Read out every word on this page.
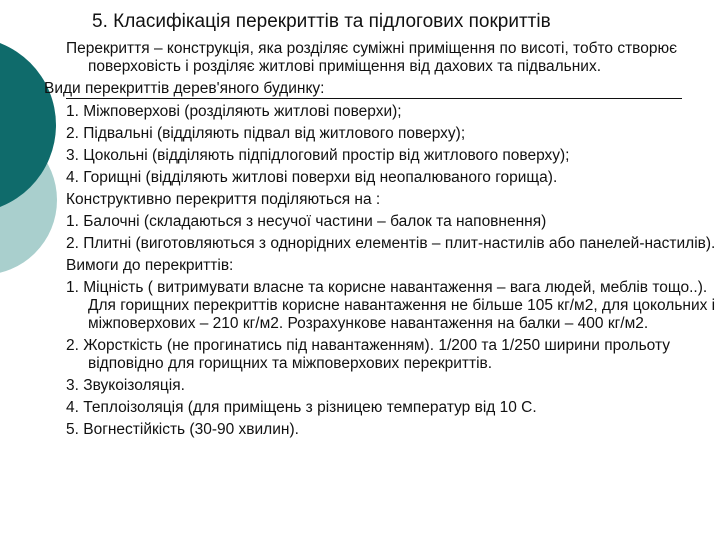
5. Класифікація перекриттів та підлогових покриттів

Перекриття – конструкція, яка розділяє суміжні приміщення по висоті, тобто створює поверховість і розділяє житлові приміщення від дахових та підвальних.

Види перекриттів дерев'яного будинку:

1. Міжповерхові (розділяють житлові поверхи);

2. Підвальні (відділяють підвал від житлового поверху);

3. Цокольні (відділяють підпідлоговий простір від житлового поверху);

4. Горищні (відділяють житлові поверхи від неопалюваного горища).

Конструктивно перекриття поділяються на :

1. Балочні (складаються з несучої частини – балок та наповнення)

2. Плитні (виготовляються з однорідних елементів – плит-настилів або панелей-настилів).

Вимоги до перекриттів:

1. Міцність ( витримувати власне та корисне навантаження – вага людей, меблів тощо..). Для горищних перекриттів корисне навантаження не більше 105 кг/м2, для цокольних і міжповерхових – 210 кг/м2. Розрахункове навантаження на балки – 400 кг/м2.

2. Жорсткість (не прогинатись під навантаженням). 1/200 та 1/250 ширини прольоту відповідно для горищних та міжповерхових перекриттів.

3. Звукоізоляція.

4. Теплоізоляція (для приміщень з різницею температур від 10 С.

5. Вогнестійкість (30-90 хвилин).
